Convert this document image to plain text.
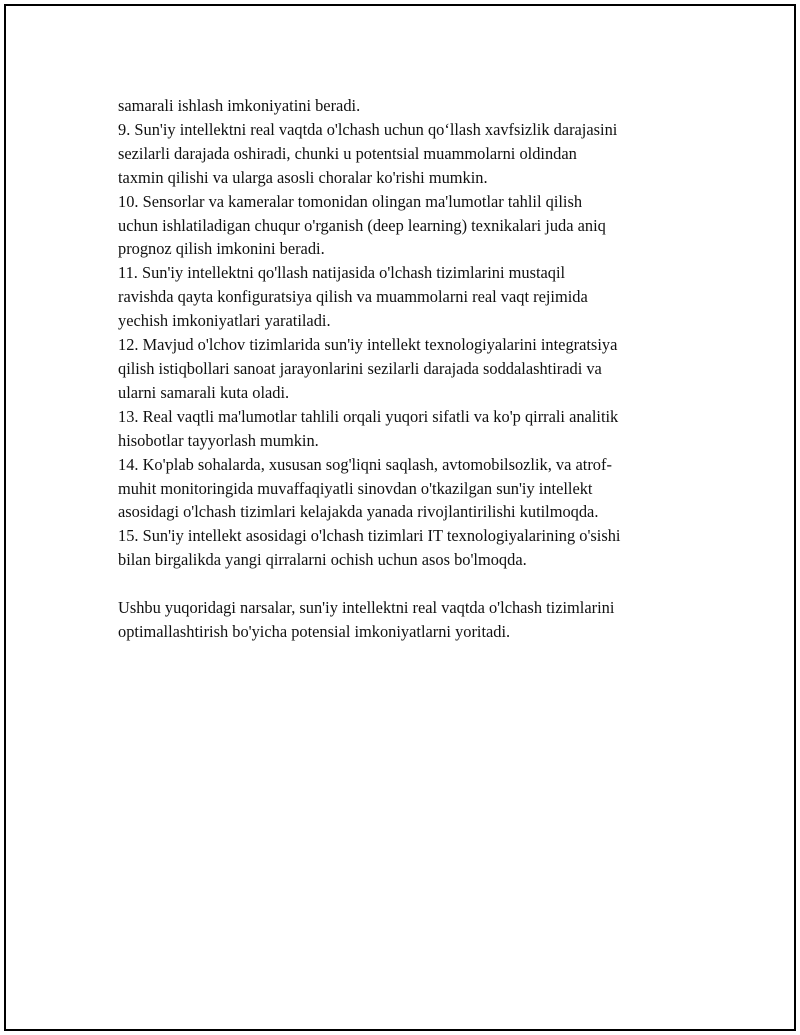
samarali ishlash imkoniyatini beradi.
9. Sun'iy intellektni real vaqtda o'lchash uchun qo‘llash xavfsizlik darajasini
sezilarli darajada oshiradi, chunki u potentsial muammolarni oldindan
taxmin qilishi va ularga asosli choralar ko'rishi mumkin.
10. Sensorlar va kameralar tomonidan olingan ma'lumotlar tahlil qilish
uchun ishlatiladigan chuqur o'rganish (deep learning) texnikalari juda aniq
prognoz qilish imkonini beradi.
11. Sun'iy intellektni qo'llash natijasida o'lchash tizimlarini mustaqil
ravishda qayta konfiguratsiya qilish va muammolarni real vaqt rejimida
yechish imkoniyatlari yaratiladi.
12. Mavjud o'lchov tizimlarida sun'iy intellekt texnologiyalarini integratsiya
qilish istiqbollari sanoat jarayonlarini sezilarli darajada soddalashtiradi va
ularni samarali kuta oladi.
13. Real vaqtli ma'lumotlar tahlili orqali yuqori sifatli va ko'p qirrali analitik
hisobotlar tayyorlash mumkin.
14. Ko'plab sohalarda, xususan sog'liqni saqlash, avtomobilsozlik, va atrof-
muhit monitoringida muvaffaqiyatli sinovdan o'tkazilgan sun'iy intellekt
asosidagi o'lchash tizimlari kelajakda yanada rivojlantirilishi kutilmoqda.
15. Sun'iy intellekt asosidagi o'lchash tizimlari IT texnologiyalarining o'sishi
bilan birgalikda yangi qirralarni ochish uchun asos bo'lmoqda.
Ushbu yuqoridagi narsalar, sun'iy intellektni real vaqtda o'lchash tizimlarini
optimallashtirish bo'yicha potensial imkoniyatlarni yoritadi.
